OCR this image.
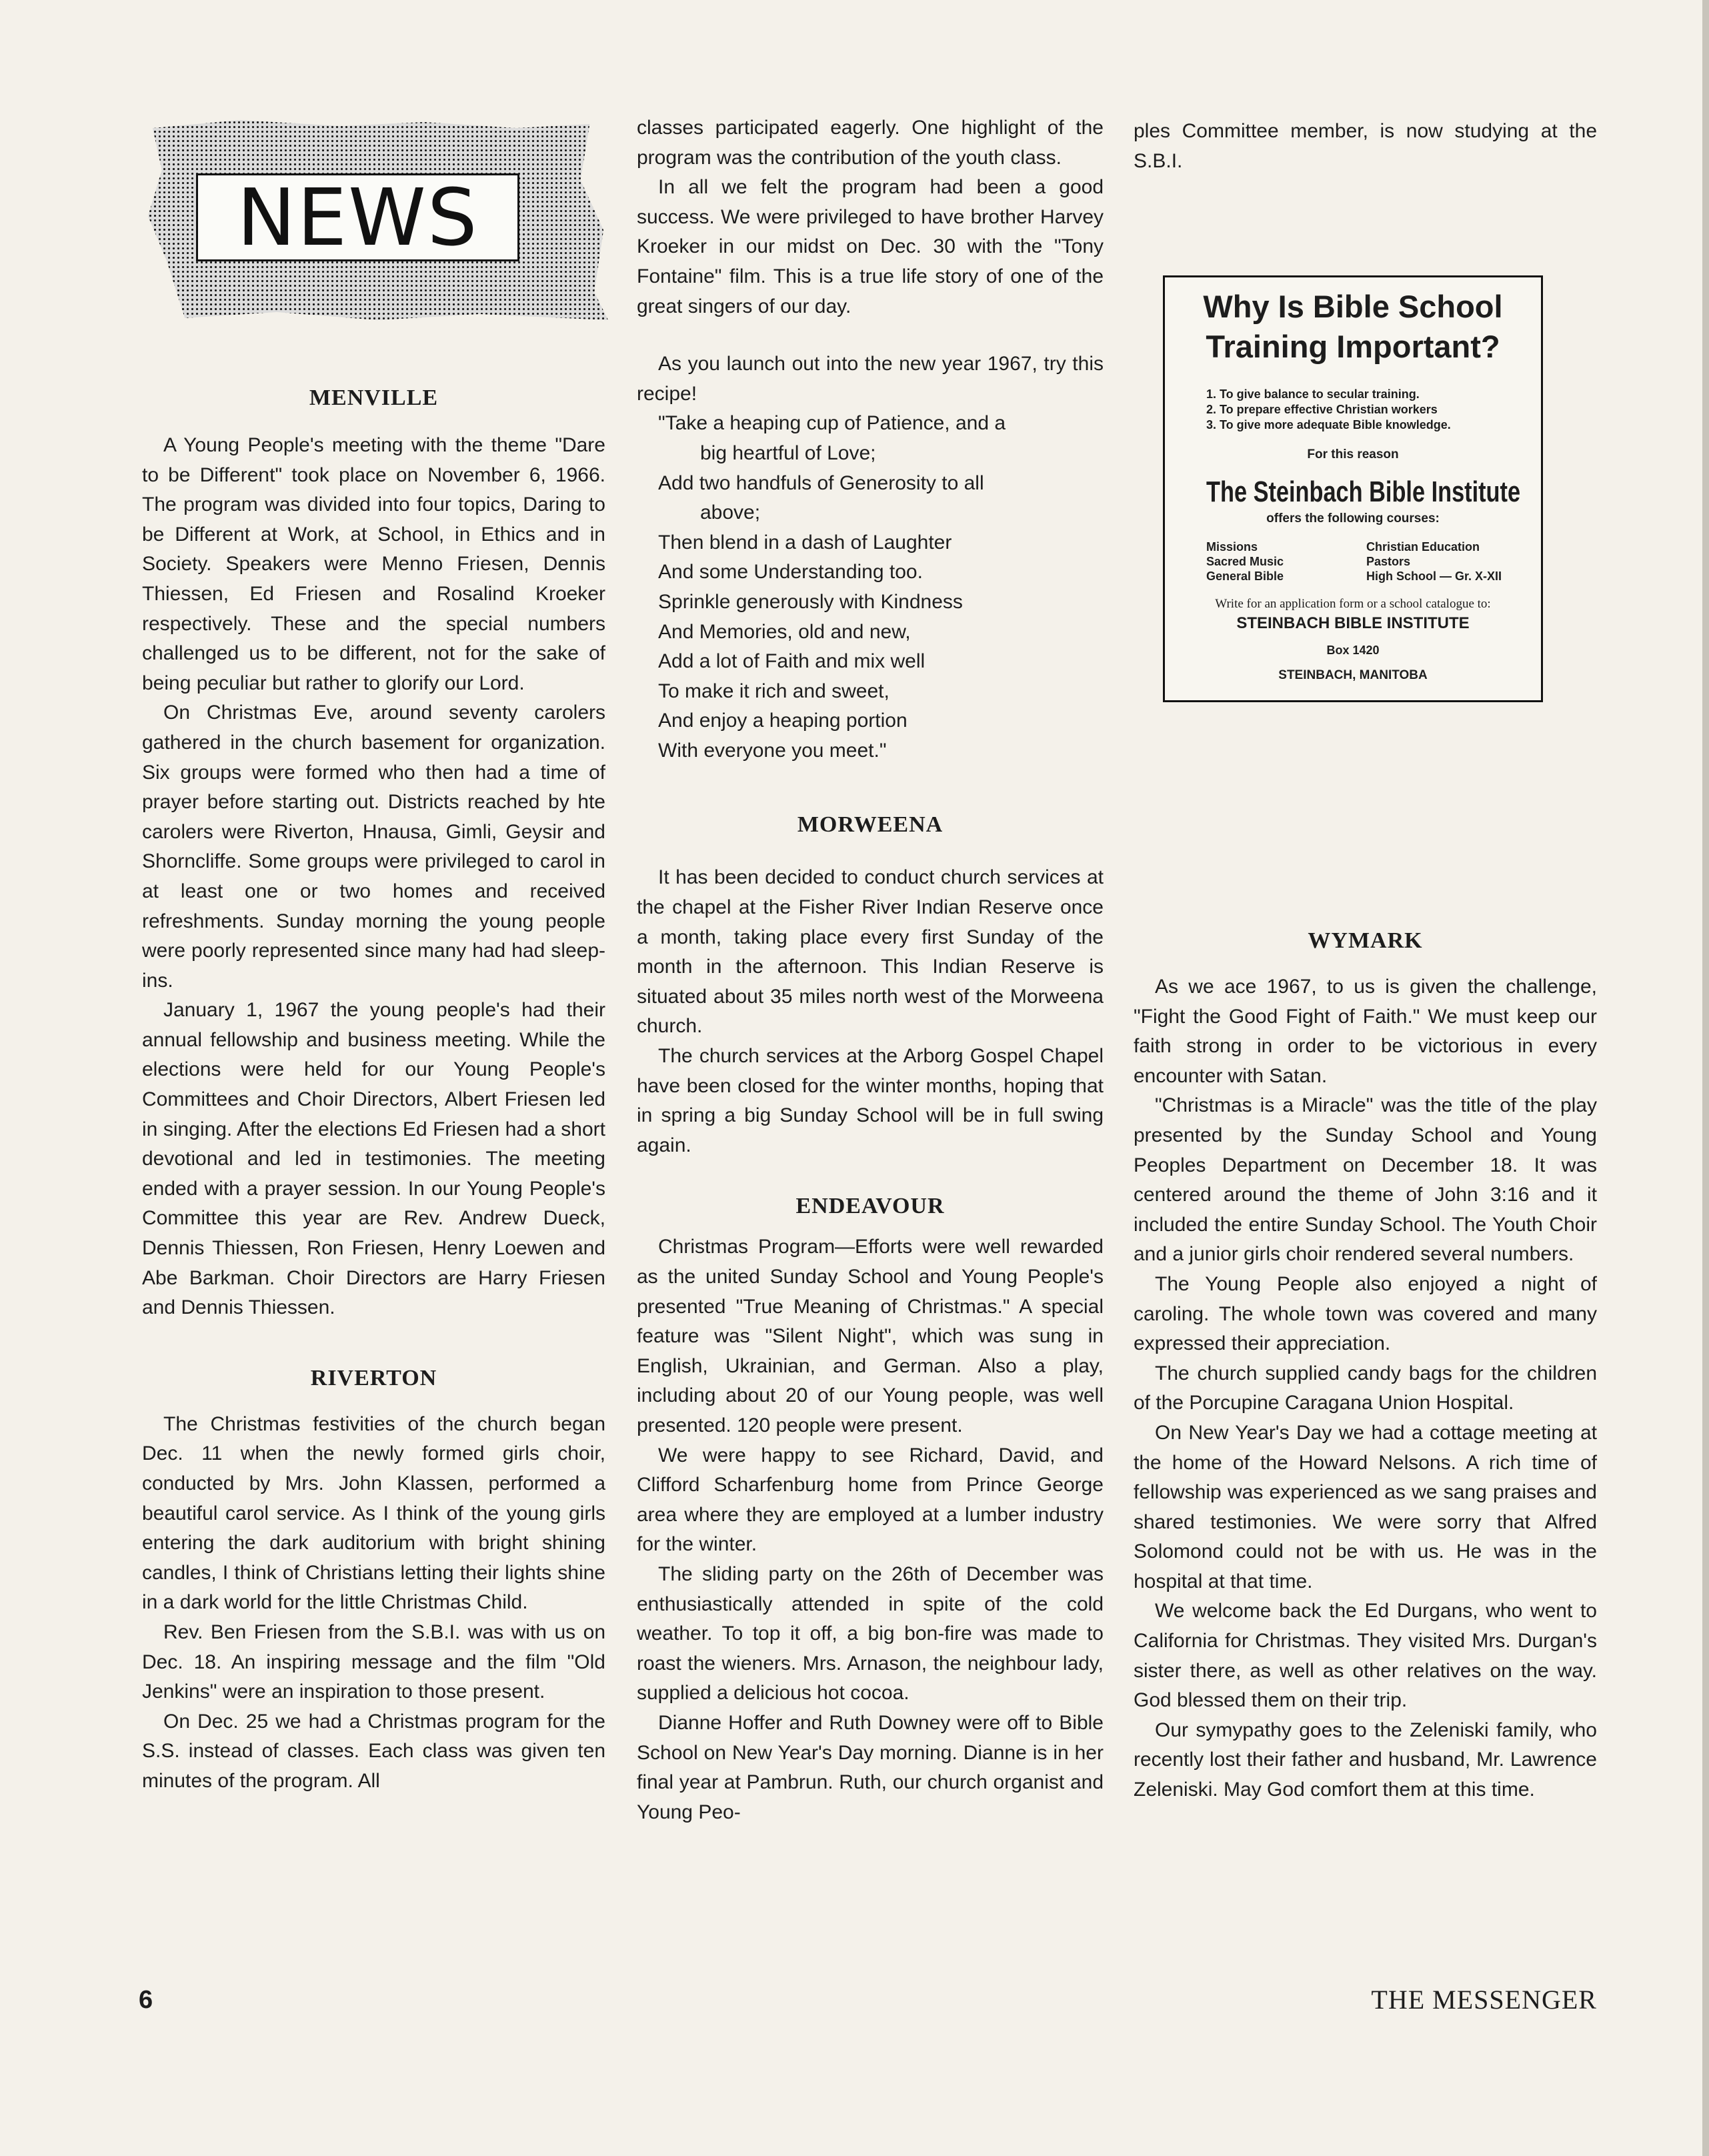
NEWS
MENVILLE

A Young People's meeting with the theme "Dare to be Different" took place on November 6, 1966. The program was divided into four topics, Daring to be Different at Work, at School, in Ethics and in Society. Speakers were Menno Friesen, Dennis Thiessen, Ed Friesen and Rosalind Kroeker respectively. These and the special numbers challenged us to be different, not for the sake of being peculiar but rather to glorify our Lord.

On Christmas Eve, around seventy carolers gathered in the church basement for organization. Six groups were formed who then had a time of prayer before starting out. Districts reached by hte carolers were Riverton, Hnausa, Gimli, Geysir and Shorncliffe. Some groups were privileged to carol in at least one or two homes and received refreshments. Sunday morning the young people were poorly represented since many had had sleep-ins.

January 1, 1967 the young people's had their annual fellowship and business meeting. While the elections were held for our Young People's Committees and Choir Directors, Albert Friesen led in singing. After the elections Ed Friesen had a short devotional and led in testimonies. The meeting ended with a prayer session. In our Young People's Committee this year are Rev. Andrew Dueck, Dennis Thiessen, Ron Friesen, Henry Loewen and Abe Barkman. Choir Directors are Harry Friesen and Dennis Thiessen.

RIVERTON

The Christmas festivities of the church began Dec. 11 when the newly formed girls choir, conducted by Mrs. John Klassen, performed a beautiful carol service. As I think of the young girls entering the dark auditorium with bright shining candles, I think of Christians letting their lights shine in a dark world for the little Christmas Child.

Rev. Ben Friesen from the S.B.I. was with us on Dec. 18. An inspiring message and the film "Old Jenkins" were an inspiration to those present.

On Dec. 25 we had a Christmas program for the S.S. instead of classes. Each class was given ten minutes of the program. All

classes participated eagerly. One highlight of the program was the contribution of the youth class.

In all we felt the program had been a good success. We were privileged to have brother Harvey Kroeker in our midst on Dec. 30 with the "Tony Fontaine" film. This is a true life story of one of the great singers of our day.

As you launch out into the new year 1967, try this recipe!

"Take a heaping cup of Patience, and a
big heartful of Love;
Add two handfuls of Generosity to all
above;
Then blend in a dash of Laughter
And some Understanding too.
Sprinkle generously with Kindness
And Memories, old and new,
Add a lot of Faith and mix well
To make it rich and sweet,
And enjoy a heaping portion
With everyone you meet."
MORWEENA

It has been decided to conduct church services at the chapel at the Fisher River Indian Reserve once a month, taking place every first Sunday of the month in the afternoon. This Indian Reserve is situated about 35 miles north west of the Morweena church.

The church services at the Arborg Gospel Chapel have been closed for the winter months, hoping that in spring a big Sunday School will be in full swing again.

ENDEAVOUR

Christmas Program—Efforts were well rewarded as the united Sunday School and Young People's presented "True Meaning of Christmas." A special feature was "Silent Night", which was sung in English, Ukrainian, and German. Also a play, including about 20 of our Young people, was well presented. 120 people were present.

We were happy to see Richard, David, and Clifford Scharfenburg home from Prince George area where they are employed at a lumber industry for the winter.

The sliding party on the 26th of December was enthusiastically attended in spite of the cold weather. To top it off, a big bon-fire was made to roast the wieners. Mrs. Arnason, the neighbour lady, supplied a delicious hot cocoa.

Dianne Hoffer and Ruth Downey were off to Bible School on New Year's Day morning. Dianne is in her final year at Pambrun. Ruth, our church organist and Young Peo-

ples Committee member, is now studying at the S.B.I.

Why Is Bible School
Training Important?
1. To give balance to secular training.
2. To prepare effective Christian workers
3. To give more adequate Bible knowledge.
For this reason
The Steinbach Bible Institute
offers the following courses:
Missions
Sacred Music
General Bible
Christian Education
Pastors
High School — Gr. X-XII
Write for an application form or a school catalogue to:
STEINBACH BIBLE INSTITUTE
Box 1420
STEINBACH, MANITOBA
WYMARK

As we ace 1967, to us is given the challenge, "Fight the Good Fight of Faith." We must keep our faith strong in order to be victorious in every encounter with Satan.

"Christmas is a Miracle" was the title of the play presented by the Sunday School and Young Peoples Department on December 18. It was centered around the theme of John 3:16 and it included the entire Sunday School. The Youth Choir and a junior girls choir rendered several numbers.

The Young People also enjoyed a night of caroling. The whole town was covered and many expressed their appreciation.

The church supplied candy bags for the children of the Porcupine Caragana Union Hospital.

On New Year's Day we had a cottage meeting at the home of the Howard Nelsons. A rich time of fellowship was experienced as we sang praises and shared testimonies. We were sorry that Alfred Solomond could not be with us. He was in the hospital at that time.

We welcome back the Ed Durgans, who went to California for Christmas. They visited Mrs. Durgan's sister there, as well as other relatives on the way. God blessed them on their trip.

Our symypathy goes to the Zeleniski family, who recently lost their father and husband, Mr. Lawrence Zeleniski. May God comfort them at this time.

6	THE MESSENGER
